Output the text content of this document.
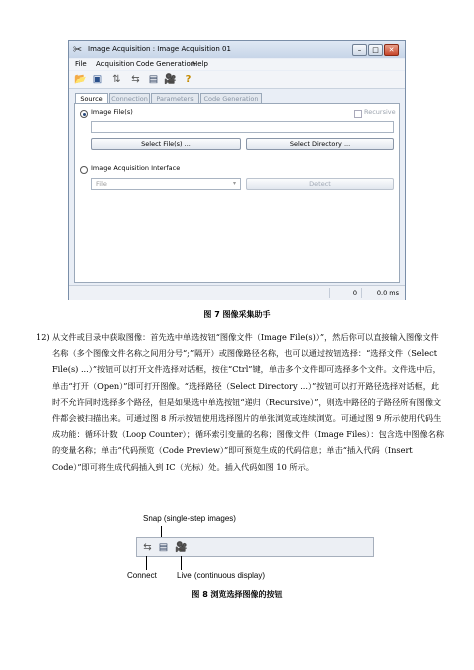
✂ Image Acquisition : Image Acquisition 01	–	□	✕
File Acquisition Code Generation
Help
📂 ▣ ⇅ ⇆ ▤ 🎥 ?
Source	Connection	Parameters	Code Generation
Image File(s)	Recursive
Select File(s) ...	Select Directory ...
Image Acquisition Interface
File	▾	Detect
0	0.0 ms
图 7 图像采集助手
12) 从文件或目录中获取图像：首先选中单选按钮“图像文件（Image File(s)）”，然后你可以直接输入图像文件名称（多个图像文件名称之间用分号“;”隔开）或图像路径名称，也可以通过按钮选择：“选择文件（Select File(s) ...）”按钮可以打开文件选择对话框，按住“Ctrl”键，单击多个文件即可选择多个文件。文件选中后，单击“打开（Open）”即可打开图像。“选择路径（Select Directory ...）”按钮可以打开路径选择对话框，此时不允许同时选择多个路径，但是如果选中单选按钮“递归（Recursive）”，则选中路径的子路径所有图像文件都会被扫描出来。可通过图 8 所示按钮使用选择图片的单张浏览或连续浏览。可通过图 9 所示使用代码生成功能：循环计数（Loop Counter）；循环索引变量的名称；图像文件（Image Files）：包含选中图像名称的变量名称；单击“代码预览（Code Preview）”即可预览生成的代码信息；单击“插入代码（Insert Code）”即可将生成代码插入到 IC（光标）处。插入代码如图 10 所示。
Snap (single-step images)
⇆ ▤ 🎥
Connect	Live (continuous display)
图 8 浏览选择图像的按钮
